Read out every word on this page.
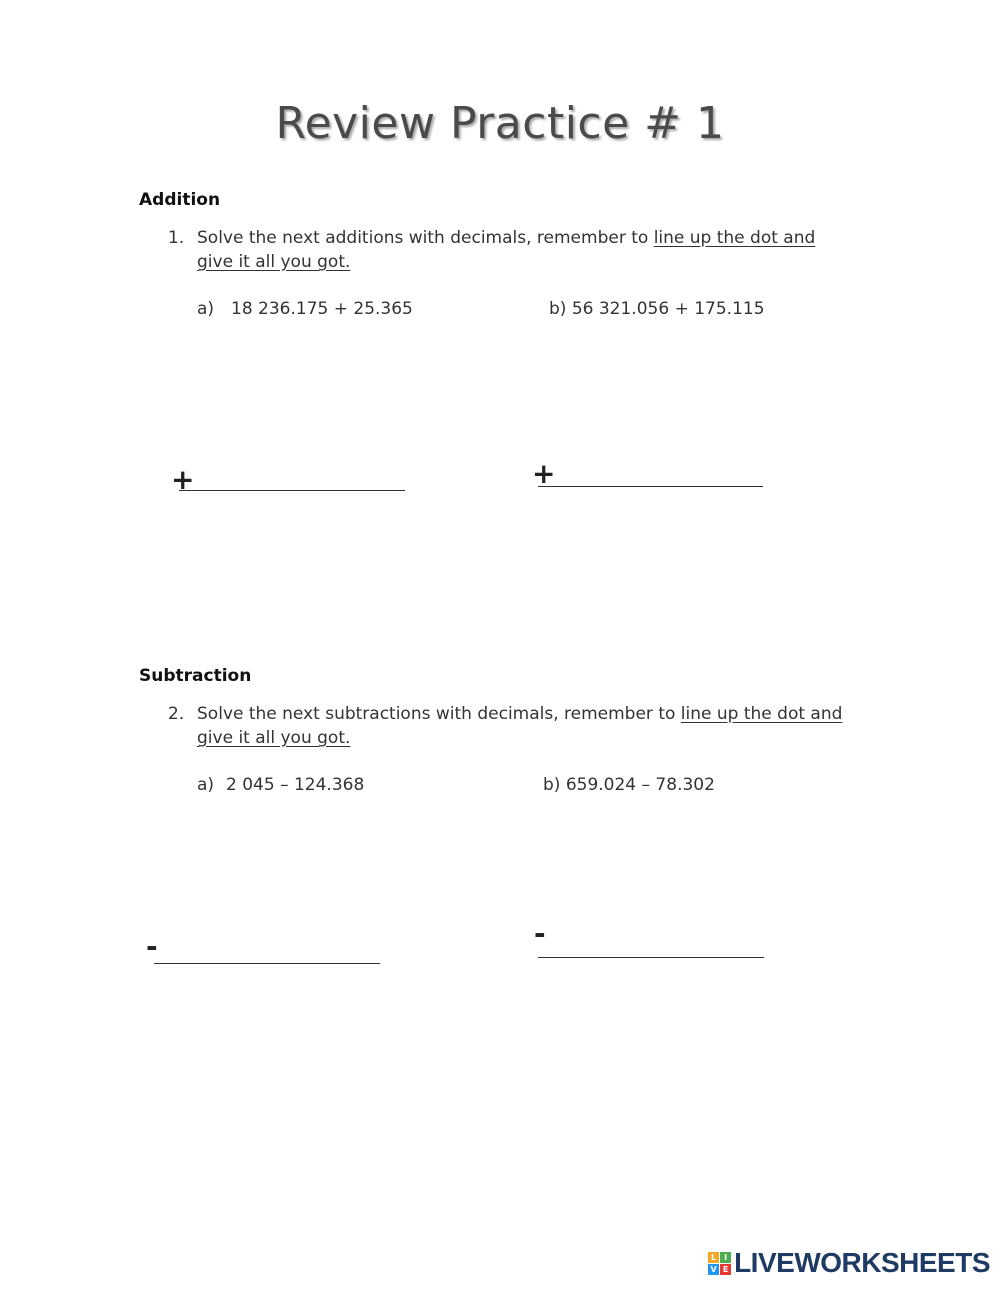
Review Practice # 1
Addition
1. Solve the next additions with decimals, remember to line up the dot and
give it all you got.
a) 18 236.175 + 25.365	b) 56 321.056 + 175.115
+	+
Subtraction
2. Solve the next subtractions with decimals, remember to line up the dot and
give it all you got.
a) 2 045 – 124.368	b) 659.024 – 78.302
-	-
L I
V E LIVEWORKSHEETS
